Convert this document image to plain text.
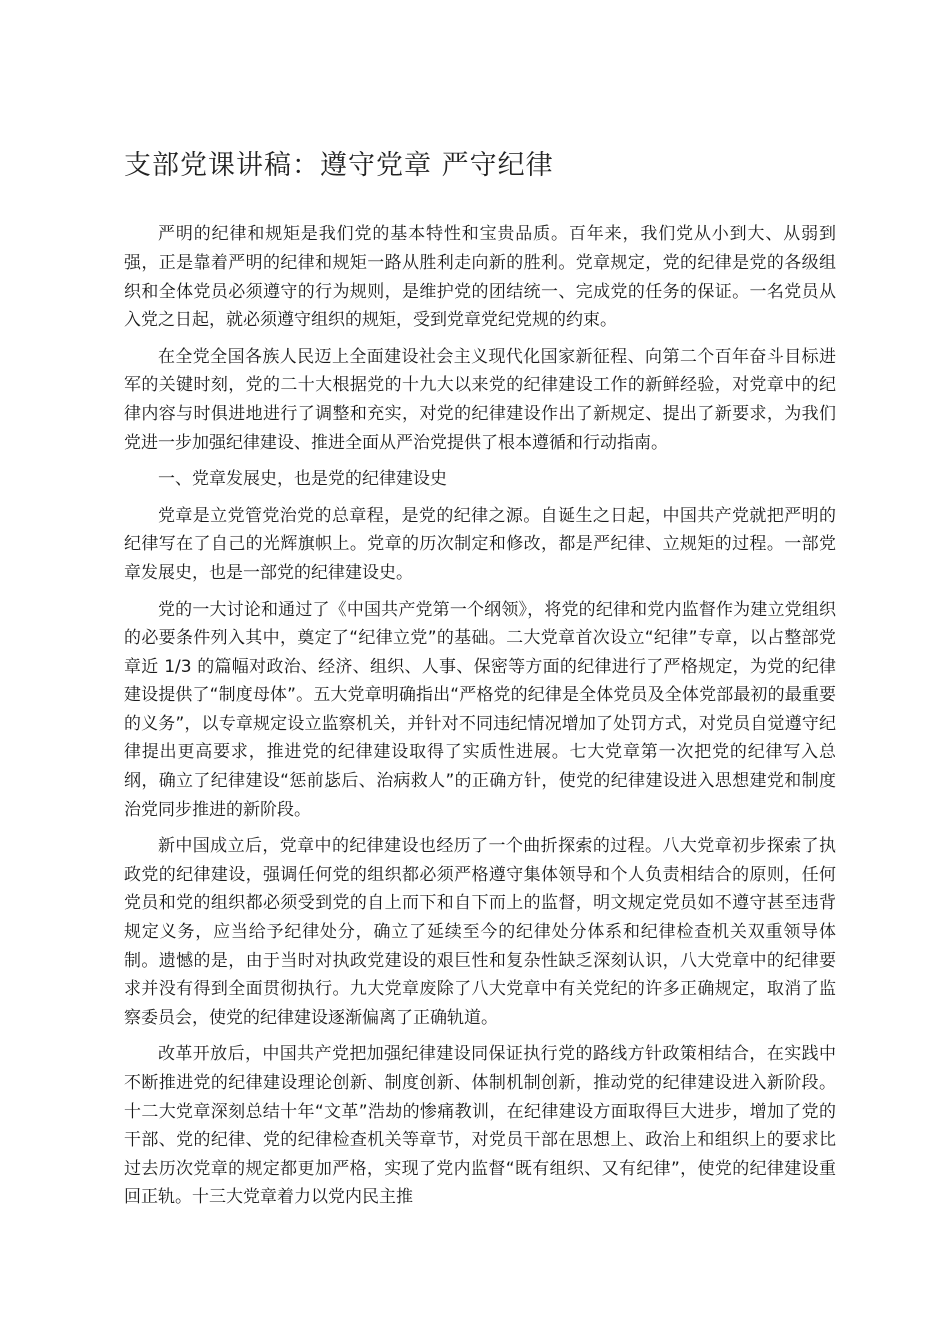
支部党课讲稿：遵守党章 严守纪律

严明的纪律和规矩是我们党的基本特性和宝贵品质。百年来，我们党从小到大、从弱到强，正是靠着严明的纪律和规矩一路从胜利走向新的胜利。党章规定，党的纪律是党的各级组织和全体党员必须遵守的行为规则，是维护党的团结统一、完成党的任务的保证。一名党员从入党之日起，就必须遵守组织的规矩，受到党章党纪党规的约束。

在全党全国各族人民迈上全面建设社会主义现代化国家新征程、向第二个百年奋斗目标进军的关键时刻，党的二十大根据党的十九大以来党的纪律建设工作的新鲜经验，对党章中的纪律内容与时俱进地进行了调整和充实，对党的纪律建设作出了新规定、提出了新要求，为我们党进一步加强纪律建设、推进全面从严治党提供了根本遵循和行动指南。

一、党章发展史，也是党的纪律建设史

党章是立党管党治党的总章程，是党的纪律之源。自诞生之日起，中国共产党就把严明的纪律写在了自己的光辉旗帜上。党章的历次制定和修改，都是严纪律、立规矩的过程。一部党章发展史，也是一部党的纪律建设史。

党的一大讨论和通过了《中国共产党第一个纲领》，将党的纪律和党内监督作为建立党组织的必要条件列入其中，奠定了“纪律立党”的基础。二大党章首次设立“纪律”专章，以占整部党章近 1/3 的篇幅对政治、经济、组织、人事、保密等方面的纪律进行了严格规定，为党的纪律建设提供了“制度母体”。五大党章明确指出“严格党的纪律是全体党员及全体党部最初的最重要的义务”，以专章规定设立监察机关，并针对不同违纪情况增加了处罚方式，对党员自觉遵守纪律提出更高要求，推进党的纪律建设取得了实质性进展。七大党章第一次把党的纪律写入总纲，确立了纪律建设“惩前毖后、治病救人”的正确方针，使党的纪律建设进入思想建党和制度治党同步推进的新阶段。

新中国成立后，党章中的纪律建设也经历了一个曲折探索的过程。八大党章初步探索了执政党的纪律建设，强调任何党的组织都必须严格遵守集体领导和个人负责相结合的原则，任何党员和党的组织都必须受到党的自上而下和自下而上的监督，明文规定党员如不遵守甚至违背规定义务，应当给予纪律处分，确立了延续至今的纪律处分体系和纪律检查机关双重领导体制。遗憾的是，由于当时对执政党建设的艰巨性和复杂性缺乏深刻认识，八大党章中的纪律要求并没有得到全面贯彻执行。九大党章废除了八大党章中有关党纪的许多正确规定，取消了监察委员会，使党的纪律建设逐渐偏离了正确轨道。

改革开放后，中国共产党把加强纪律建设同保证执行党的路线方针政策相结合，在实践中不断推进党的纪律建设理论创新、制度创新、体制机制创新，推动党的纪律建设进入新阶段。十二大党章深刻总结十年“文革”浩劫的惨痛教训，在纪律建设方面取得巨大进步，增加了党的干部、党的纪律、党的纪律检查机关等章节，对党员干部在思想上、政治上和组织上的要求比过去历次党章的规定都更加严格，实现了党内监督“既有组织、又有纪律”，使党的纪律建设重回正轨。十三大党章着力以党内民主推
